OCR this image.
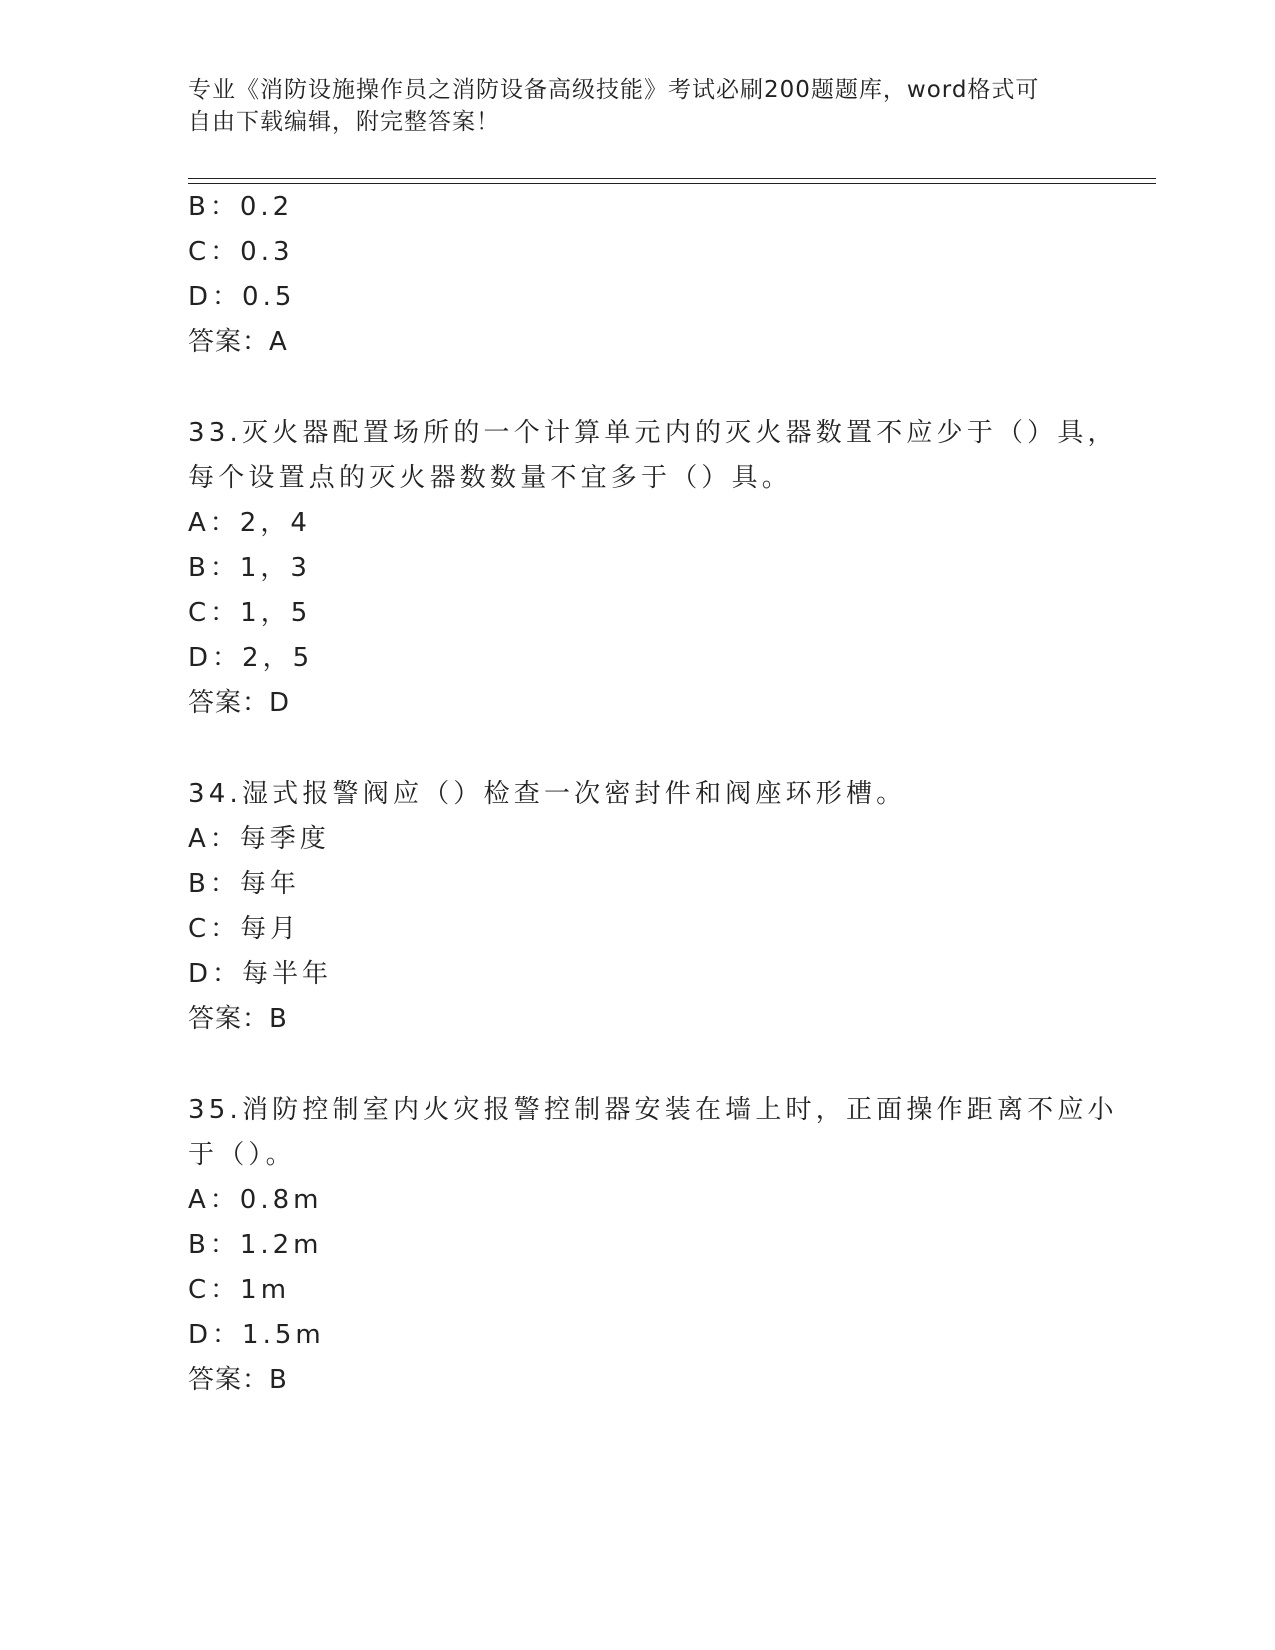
专业《消防设施操作员之消防设备高级技能》考试必刷200题题库，word格式可
自由下载编辑，附完整答案！
B：0.2
C：0.3
D：0.5
答案：A
33.灭火器配置场所的一个计算单元内的灭火器数置不应少于（）具，
每个设置点的灭火器数数量不宜多于（）具。
A：2，4
B：1，3
C：1，5
D：2，5
答案：D
34.湿式报警阀应（）检查一次密封件和阀座环形槽。
A：每季度
B：每年
C：每月
D：每半年
答案：B
35.消防控制室内火灾报警控制器安装在墙上时，正面操作距离不应小
于（）。
A：0.8m
B：1.2m
C：1m
D：1.5m
答案：B
